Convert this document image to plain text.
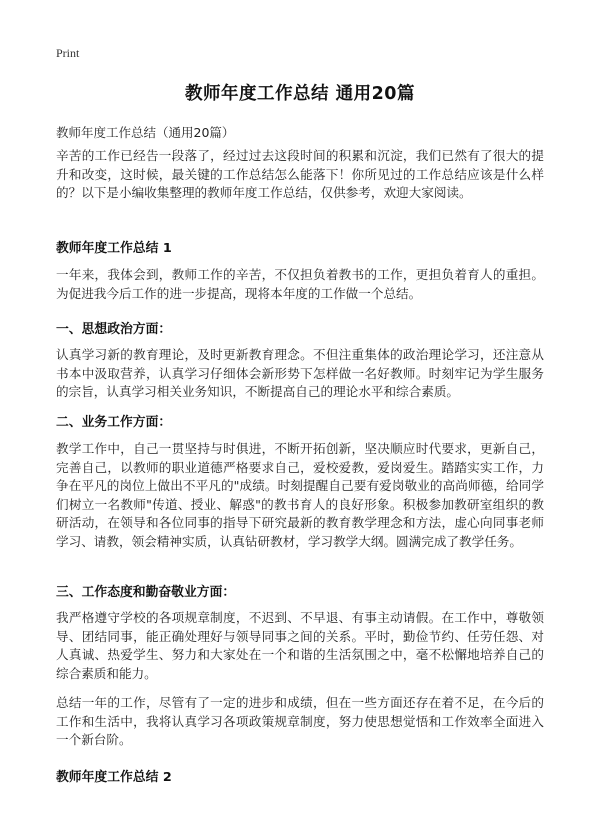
Print
教师年度工作总结 通用20篇
教师年度工作总结（通用20篇）
辛苦的工作已经告一段落了，经过过去这段时间的积累和沉淀，我们已然有了很大的提升和改变，这时候，最关键的工作总结怎么能落下！你所见过的工作总结应该是什么样的？以下是小编收集整理的教师年度工作总结，仅供参考，欢迎大家阅读。
教师年度工作总结 1
一年来，我体会到，教师工作的辛苦，不仅担负着教书的工作，更担负着育人的重担。为促进我今后工作的进一步提高，现将本年度的工作做一个总结。
一、思想政治方面：
认真学习新的教育理论，及时更新教育理念。不但注重集体的政治理论学习，还注意从书本中汲取营养，认真学习仔细体会新形势下怎样做一名好教师。时刻牢记为学生服务的宗旨，认真学习相关业务知识，不断提高自己的理论水平和综合素质。
二、业务工作方面：
教学工作中，自己一贯坚持与时俱进，不断开拓创新，坚决顺应时代要求，更新自己，完善自己，以教师的职业道德严格要求自己，爱校爱教，爱岗爱生。踏踏实实工作，力争在平凡的岗位上做出不平凡的"成绩。时刻提醒自己要有爱岗敬业的高尚师德，给同学们树立一名教师"传道、授业、解惑"的教书育人的良好形象。积极参加教研室组织的教研活动，在领导和各位同事的指导下研究最新的教育教学理念和方法，虚心向同事老师学习、请教，领会精神实质，认真钻研教材，学习教学大纲。圆满完成了教学任务。
三、工作态度和勤奋敬业方面：
我严格遵守学校的各项规章制度，不迟到、不早退、有事主动请假。在工作中，尊敬领导、团结同事，能正确处理好与领导同事之间的关系。平时，勤俭节约、任劳任怨、对人真诚、热爱学生、努力和大家处在一个和谐的生活氛围之中，毫不松懈地培养自己的综合素质和能力。
总结一年的工作，尽管有了一定的进步和成绩，但在一些方面还存在着不足，在今后的工作和生活中，我将认真学习各项政策规章制度，努力使思想觉悟和工作效率全面进入一个新台阶。
教师年度工作总结 2
